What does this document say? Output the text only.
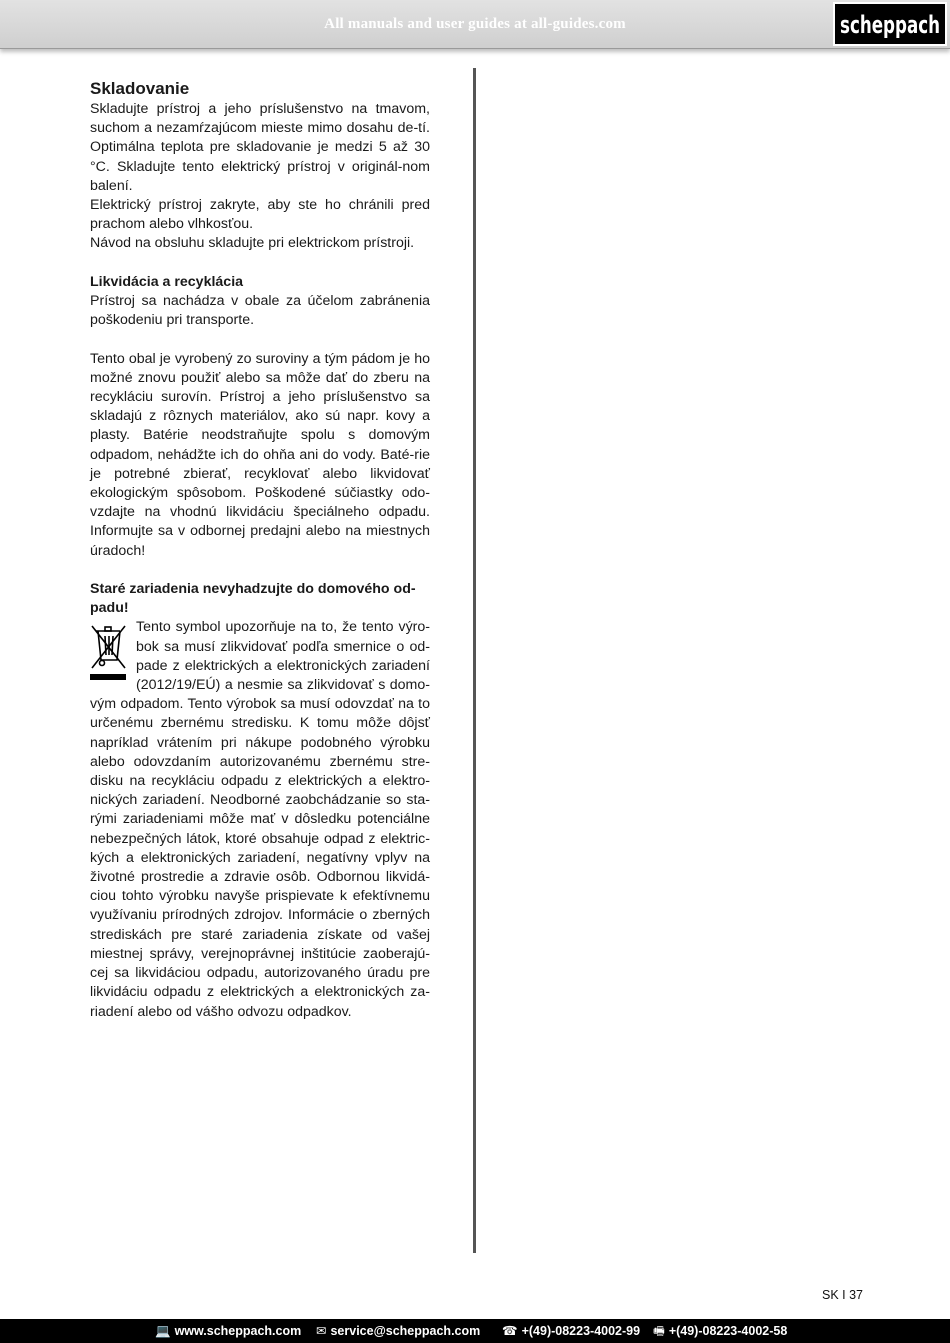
All manuals and user guides at all-guides.com	scheppach
Skladovanie

Skladujte prístroj a jeho príslušenstvo na tmavom, suchom a nezamŕzajúcom mieste mimo dosahu de-tí. Optimálna teplota pre skladovanie je medzi 5 až 30 °C. Skladujte tento elektrický prístroj v originál-nom balení.

Elektrický prístroj zakryte, aby ste ho chránili pred prachom alebo vlhkosťou.

Návod na obsluhu skladujte pri elektrickom prístroji.

Likvidácia a recyklácia

Prístroj sa nachádza v obale za účelom zabránenia poškodeniu pri transporte.

Tento obal je vyrobený zo suroviny a tým pádom je ho možné znovu použiť alebo sa môže dať do zberu na recykláciu surovín. Prístroj a jeho príslušenstvo sa skladajú z rôznych materiálov, ako sú napr. kovy a plasty. Batérie neodstraňujte spolu s domovým odpadom, nehádžte ich do ohňa ani do vody. Baté-rie je potrebné zbierať, recyklovať alebo likvidovať ekologickým spôsobom. Poškodené súčiastky odo-vzdajte na vhodnú likvidáciu špeciálneho odpadu. Informujte sa v odbornej predajni alebo na miestnych úradoch!

Staré zariadenia nevyhadzujte do domového od-padu!

Tento symbol upozorňuje na to, že tento výro-bok sa musí zlikvidovať podľa smernice o od-pade z elektrických a elektronických zariadení (2012/19/EÚ) a nesmie sa zlikvidovať s domo-vým odpadom. Tento výrobok sa musí odovzdať na to určenému zbernému stredisku. K tomu môže dôjsť napríklad vrátením pri nákupe podobného výrobku alebo odovzdaním autorizovanému zbernému stre-disku na recykláciu odpadu z elektrických a elektro-nických zariadení. Neodborné zaobchádzanie so sta-rými zariadeniami môže mať v dôsledku potenciálne nebezpečných látok, ktoré obsahuje odpad z elektric-kých a elektronických zariadení, negatívny vplyv na životné prostredie a zdravie osôb. Odbornou likvidá-ciou tohto výrobku navyše prispievate k efektívnemu využívaniu prírodných zdrojov. Informácie o zberných strediskách pre staré zariadenia získate od vašej miestnej správy, verejnoprávnej inštitúcie zaoberajú-cej sa likvidáciou odpadu, autorizovaného úradu pre likvidáciu odpadu z elektrických a elektronických za-riadení alebo od vášho odvozu odpadkov.

SK I 37
💻 www.scheppach.com ✉ service@scheppach.com ☎ +(49)-08223-4002-99 🖷 +(49)-08223-4002-58
